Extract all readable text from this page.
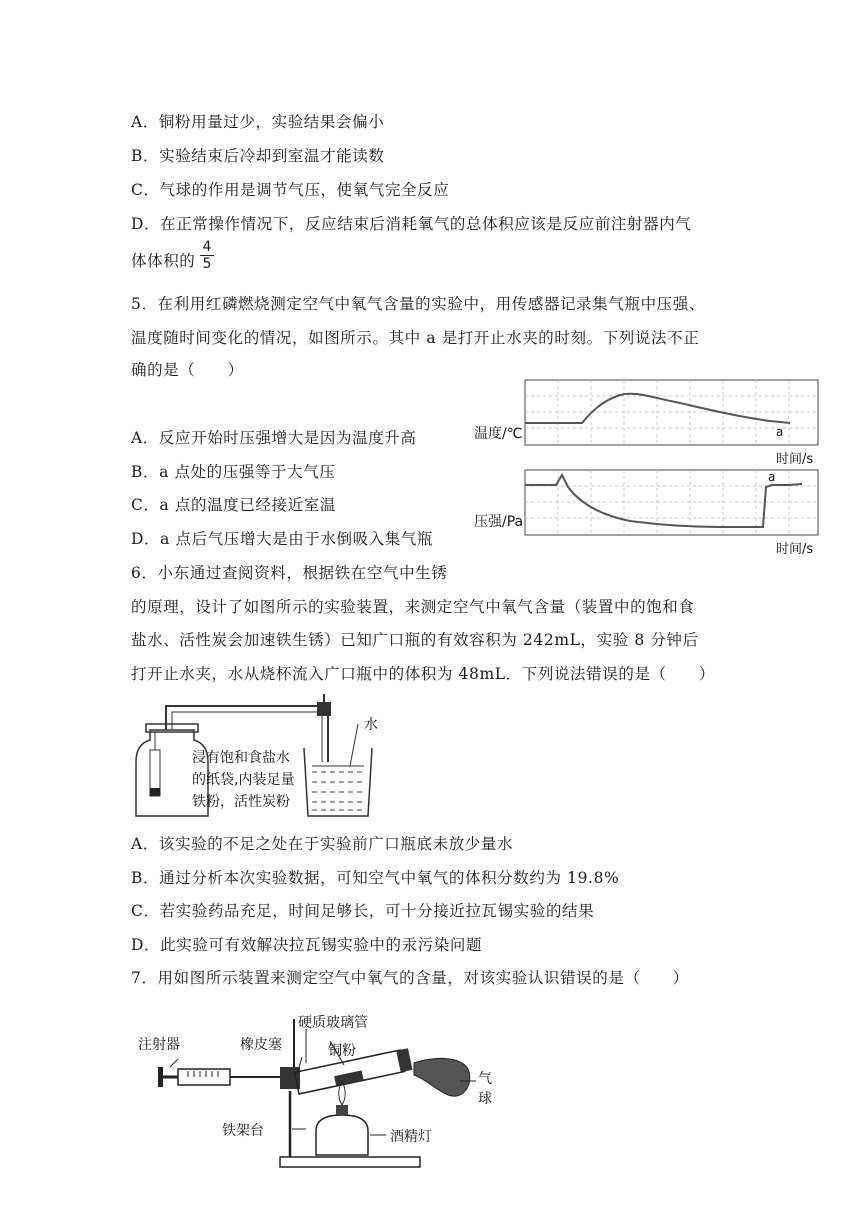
A．铜粉用量过少，实验结果会偏小
B．实验结束后冷却到室温才能读数
C．气球的作用是调节气压，使氧气完全反应
D．在正常操作情况下，反应结束后消耗氧气的总体积应该是反应前注射器内气
体体积的
4
5
5．在利用红磷燃烧测定空气中氧气含量的实验中，用传感器记录集气瓶中压强、
温度随时间变化的情况，如图所示。其中 a 是打开止水夹的时刻。下列说法不正
确的是（　　）
A．反应开始时压强增大是因为温度升高
B．a 点处的压强等于大气压
C．a 点的温度已经接近室温
D．a 点后气压增大是由于水倒吸入集气瓶
a
温度/℃
时间/s
a
压强/Pa
时间/s
6．小东通过查阅资料，根据铁在空气中生锈
的原理，设计了如图所示的实验装置，来测定空气中氧气含量（装置中的饱和食
盐水、活性炭会加速铁生锈）已知广口瓶的有效容积为 242mL，实验 8 分钟后
打开止水夹，水从烧杯流入广口瓶中的体积为 48mL．下列说法错误的是（　　）
水
浸有饱和食盐水
的纸袋,内装足量
铁粉，活性炭粉
A．该实验的不足之处在于实验前广口瓶底未放少量水
B．通过分析本次实验数据，可知空气中氧气的体积分数约为 19.8%
C．若实验药品充足，时间足够长，可十分接近拉瓦锡实验的结果
D．此实验可有效解决拉瓦锡实验中的汞污染问题
7．用如图所示装置来测定空气中氧气的含量，对该实验认识错误的是（　　）
注射器	橡皮塞
硬质玻璃管
铜粉
气
球
铁架台	酒精灯
